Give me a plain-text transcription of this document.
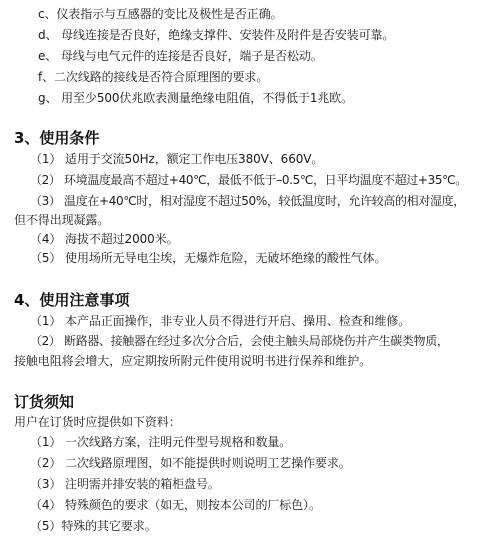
c、仪表指示与互感器的变比及极性是否正确。
d、 母线连接是否良好，绝缘支撑件、安装件及附件是否安装可靠。
e、 母线与电气元件的连接是否良好，端子是否松动。
f、二次线路的接线是否符合原理图的要求。
g、 用至少500伏兆欧表测量绝缘电阻值，不得低于1兆欧。
3、使用条件
（1） 适用于交流50Hz，额定工作电压380V、660V。
（2） 环境温度最高不超过+40℃，最低不低于–0.5℃，日平均温度不超过+35℃。
（3） 温度在+40℃时，相对湿度不超过50%，较低温度时，允许较高的相对湿度，
但不得出现凝露。
（4） 海拔不超过2000米。
（5） 使用场所无导电尘埃，无爆炸危险，无破坏绝缘的酸性气体。
4、使用注意事项
（1） 本产品正面操作，非专业人员不得进行开启、操用、检查和维修。
（2） 断路器、接触器在经过多次分合后，会使主触头局部烧伤并产生碳类物质，
接触电阻将会增大，应定期按所附元件使用说明书进行保养和维护。
订货须知
用户在订货时应提供如下资料：
（1） 一次线路方案，注明元件型号规格和数量。
（2） 二次线路原理图，如不能提供时则说明工艺操作要求。
（3） 注明需并排安装的箱柜盘号。
（4） 特殊颜色的要求（如无，则按本公司的厂标色）。
（5）特殊的其它要求。
